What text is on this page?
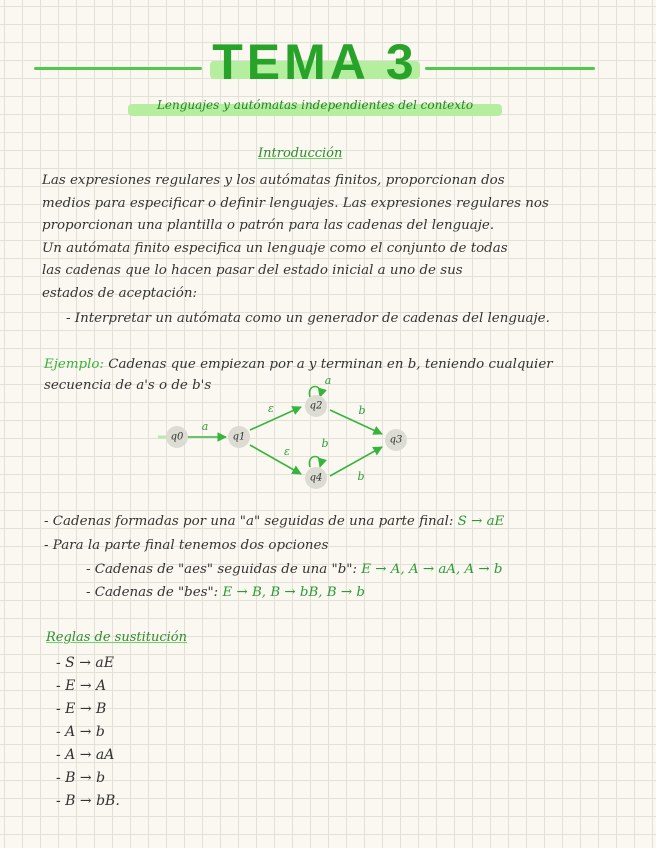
TEMA 3
Lenguajes y autómatas independientes del contexto
Introducción
Las expresiones regulares y los autómatas finitos, proporcionan dos
medios para especificar o definir lenguajes. Las expresiones regulares nos
proporcionan una plantilla o patrón para las cadenas del lenguaje.
Un autómata finito especifica un lenguaje como el conjunto de todas
las cadenas que lo hacen pasar del estado inicial a uno de sus
estados de aceptación:
- Interpretar un autómata como un generador de cadenas del lenguaje.
Ejemplo: Cadenas que empiezan por a y terminan en b, teniendo cualquier
secuencia de a's o de b's
a
ε
ε
b
b
a
b
q0	q1
q2
q3
q4
- Cadenas formadas por una "a" seguidas de una parte final: S → aE
- Para la parte final tenemos dos opciones
- Cadenas de "aes" seguidas de una "b": E → A, A → aA, A → b
- Cadenas de "bes": E → B, B → bB, B → b
Reglas de sustitución
- S → aE
- E → A
- E → B
- A → b
- A → aA
- B → b
- B → bB.
